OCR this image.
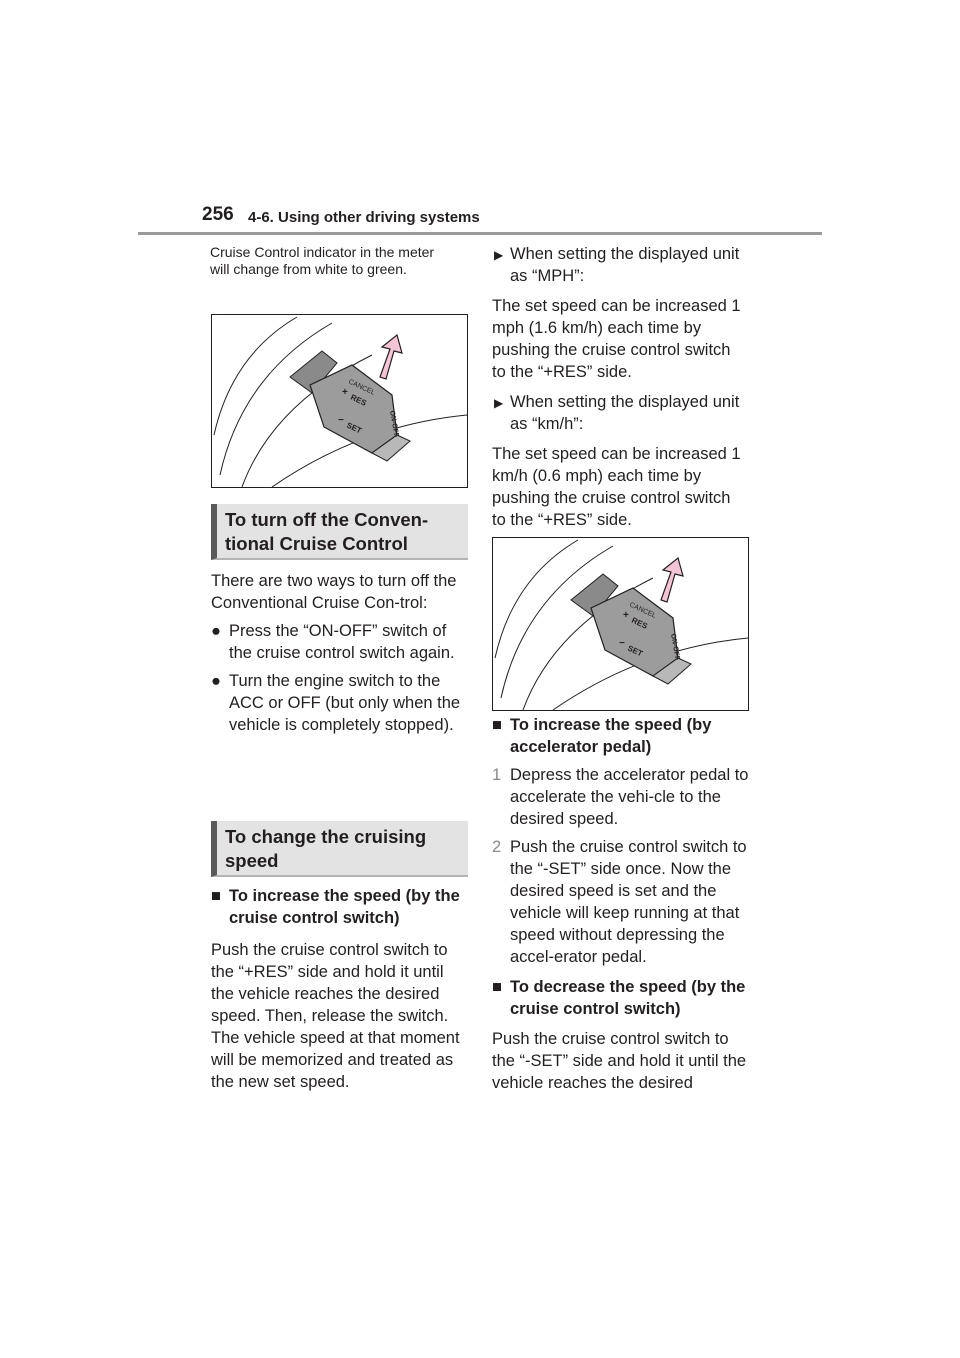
256 4-6. Using other driving systems
Cruise Control indicator in the meter will change from white to green.
CANCEL
+
RES
−
SET	ON-OFF
To turn off the Conven-
tional Cruise Control

There are two ways to turn off the Conventional Cruise Con-trol:

● Press the “ON-OFF” switch of the cruise control switch again.
● Turn the engine switch to the ACC or OFF (but only when the vehicle is completely stopped).
To change the cruising
speed
■ To increase the speed (by the cruise control switch)

Push the cruise control switch to the “+RES” side and hold it until the vehicle reaches the desired speed. Then, release the switch. The vehicle speed at that moment will be memorized and treated as the new set speed.

▶ When setting the displayed unit as “MPH”:

The set speed can be increased 1 mph (1.6 km/h) each time by pushing the cruise control switch to the “+RES” side.

▶ When setting the displayed unit as “km/h”:

The set speed can be increased 1 km/h (0.6 mph) each time by pushing the cruise control switch to the “+RES” side.

CANCEL
+
RES
−
SET	ON-OFF
■ To increase the speed (by accelerator pedal)
1 Depress the accelerator pedal to accelerate the vehi-cle to the desired speed.
2 Push the cruise control switch to the “-SET” side once. Now the desired speed is set and the vehicle will keep running at that speed without depressing the accel-erator pedal.
■ To decrease the speed (by the cruise control switch)

Push the cruise control switch to the “-SET” side and hold it until the vehicle reaches the desired
